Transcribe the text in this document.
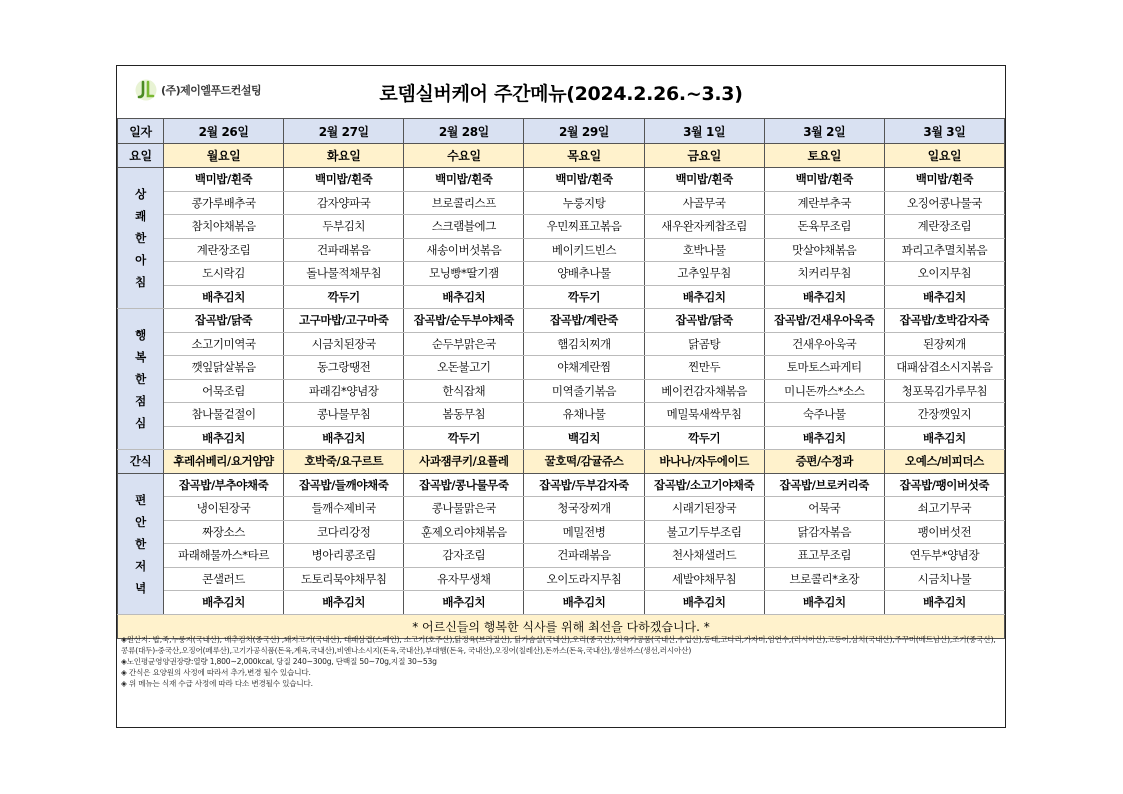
(주)제이엘푸드컨설팅	로뎀실버케어 주간메뉴(2024.2.26.~3.3)
일자	2월 26일	2월 27일	2월 28일	2월 29일	3월 1일	3월 2일	3월 3일
요일	월요일	화요일	수요일	목요일	금요일	토요일	일요일

상
쾌
한
아
침	백미밥/흰죽	백미밥/흰죽	백미밥/흰죽	백미밥/흰죽	백미밥/흰죽	백미밥/흰죽	백미밥/흰죽
	콩가루배추국	감자양파국	브로콜리스프	누룽지탕	사골무국	계란부추국	오징어콩나물국
	참치야채볶음	두부김치	스크램블에그	우민찌표고볶음	새우완자케찹조림	돈육무조림	계란장조림
	계란장조림	건파래볶음	새송이버섯볶음	베이키드빈스	호박나물	맛살야채볶음	꽈리고추멸치볶음
	도시락김	돌나물적채무침	모닝빵*딸기잼	양배추나물	고추잎무침	치커리무침	오이지무침
	배추김치	깍두기	배추김치	깍두기	배추김치	배추김치	배추김치

행
복
한
점
심	잡곡밥/닭죽	고구마밥/고구마죽	잡곡밥/순두부야채죽	잡곡밥/계란죽	잡곡밥/닭죽	잡곡밥/건새우아욱죽	잡곡밥/호박감자죽
	소고기미역국	시금치된장국	순두부맑은국	햄김치찌개	닭곰탕	건새우아욱국	된장찌개
	깻잎닭살볶음	동그랑땡전	오돈불고기	야채계란찜	찐만두	토마토스파게티	대패삼겹소시지볶음
	어묵조림	파래김*양념장	한식잡채	미역줄기볶음	베이컨감자채볶음	미니돈까스*소스	청포묵김가루무침
	참나물겉절이	콩나물무침	봄동무침	유채나물	메밀묵새싹무침	숙주나물	간장깻잎지
	배추김치	배추김치	깍두기	백김치	깍두기	배추김치	배추김치
간식	후레쉬베리/요거얌얌	호박죽/요구르트	사과잼쿠키/요플레	꿀호떡/감귤쥬스	바나나/자두에이드	증편/수정과	오예스/비피더스

편
안
한
저
녁	잡곡밥/부추야채죽	잡곡밥/들깨야채죽	잡곡밥/콩나물무죽	잡곡밥/두부감자죽	잡곡밥/소고기야채죽	잡곡밥/브로커리죽	잡곡밥/팽이버섯죽
	냉이된장국	들깨수제비국	콩나물맑은국	청국장찌개	시래기된장국	어묵국	쇠고기무국
	짜장소스	코다리강정	훈제오리야채볶음	메밀전병	불고기두부조림	닭감자볶음	팽이버섯전
	파래해물까스*타르	병아리콩조림	감자조림	건파래볶음	천사채샐러드	표고무조림	연두부*양념장
	콘샐러드	도토리묵야채무침	유자무생채	오이도라지무침	세발야채무침	브로콜리*초장	시금치나물
	배추김치	배추김치	배추김치	배추김치	배추김치	배추김치	배추김치
* 어르신들의 행복한 식사를 위해 최선을 다하겠습니다. *							
◈원산지: 밥,죽,누룽지(국내산), 배추김치(중국산) ,돼지고기(국내산), 대패삼겹(스페인), 소고기(호주산),닭정육(브라질산), 닭가슴살(국내산),오리(중국산),식육가공품(국내산,수입산),동태,코다리,가자미,임연수,(러시아산),고등어,삼치(국내산),주꾸미(베트남산),조기(중국산),콩류(대두)-중국산,오징어(페루산),고기가공식품(돈육,계육,국내산),비엔나소시지(돈육,국내산),부대햄(돈육, 국내산),오징어(칠레산),돈까스(돈육,국내산),생선까스(생선,러시아산)
◈노인평균영양권장량:열량 1,800~2,000kcal, 당질 240~300g, 단백질 50~70g,지질 30~53g
◈ 간식은 요양원의 사정에 따라서 추가,변경 될수 있습니다.
◈ 위 메뉴는 식재 수급 사정에 따라 다소 변경될수 있습니다.
